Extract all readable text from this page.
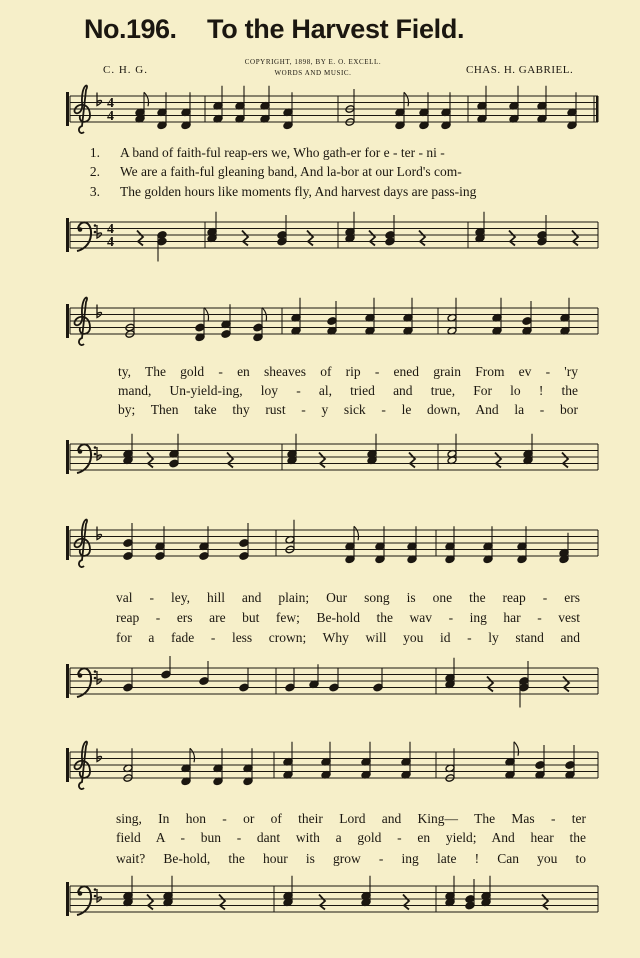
No.196. To the Harvest Field.
C. H. G.
COPYRIGHT, 1898, BY E. O. EXCELL.
WORDS AND MUSIC.	CHAS. H. GABRIEL.
4
4
1. A band of faith-ful reap-ers we, Who gath-er for e - ter - ni -
2. We are a faith-ful gleaning band, And la-bor at our Lord's com-
3. The golden hours like moments fly, And harvest days are pass-ing
4
4
ty, The gold - en sheaves of rip - ened grain From ev - 'ry
mand, Un-yield-ing, loy - al, tried and true, For lo ! the
by; Then take thy rust - y sick - le down, And la - bor
val - ley, hill and plain; Our song is one the reap - ers
reap - ers are but few; Be-hold the wav - ing har - vest
for a fade - less crown; Why will you id - ly stand and
sing, In hon - or of their Lord and King— The Mas - ter
field A - bun - dant with a gold - en yield; And hear the
wait? Be-hold, the hour is grow - ing late ! Can you to
